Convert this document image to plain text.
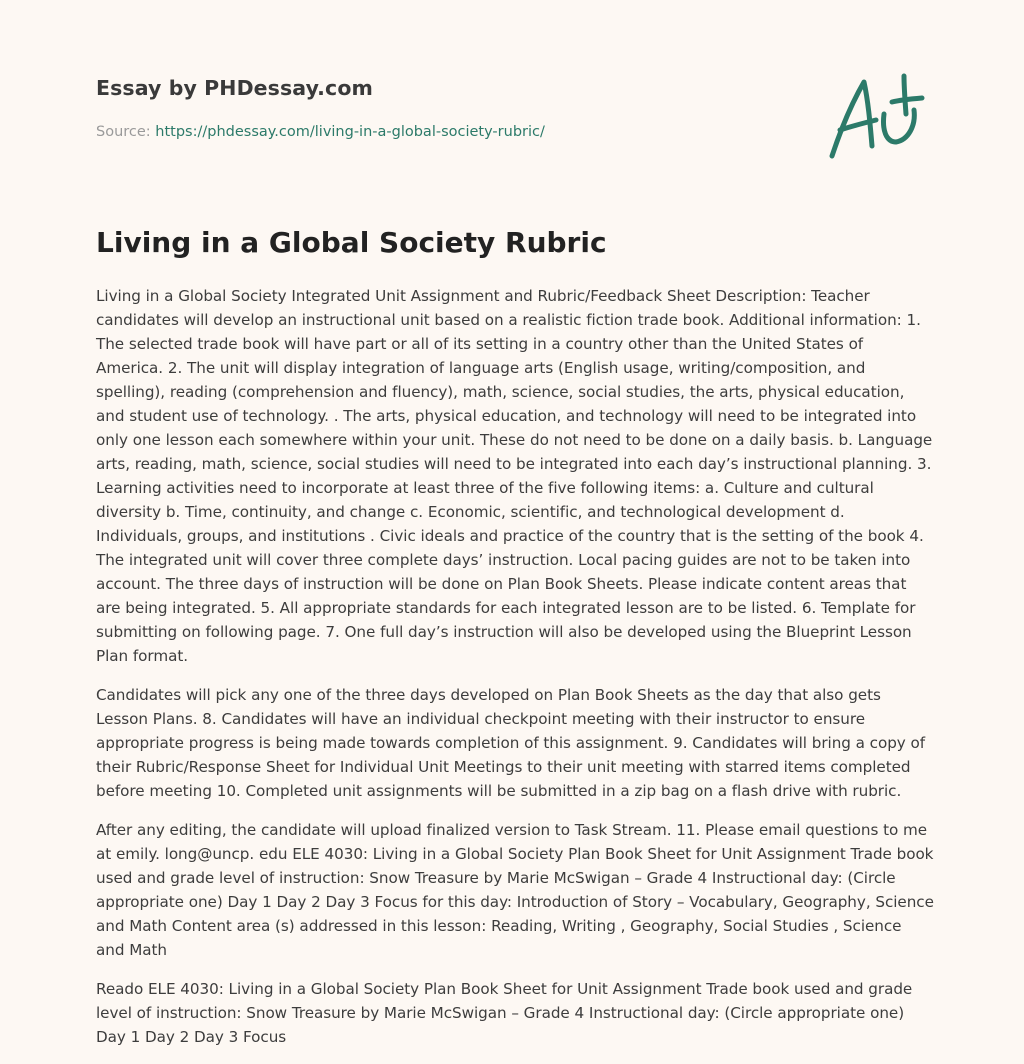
Essay by PHDessay.com
Source: https://phdessay.com/living-in-a-global-society-rubric/
Living in a Global Society Rubric

Living in a Global Society Integrated Unit Assignment and Rubric/Feedback Sheet Description: Teacher candidates will develop an instructional unit based on a realistic fiction trade book. Additional information: 1. The selected trade book will have part or all of its setting in a country other than the United States of America. 2. The unit will display integration of language arts (English usage, writing/composition, and spelling), reading (comprehension and fluency), math, science, social studies, the arts, physical education, and student use of technology. . The arts, physical education, and technology will need to be integrated into only one lesson each somewhere within your unit. These do not need to be done on a daily basis. b. Language arts, reading, math, science, social studies will need to be integrated into each day’s instructional planning. 3. Learning activities need to incorporate at least three of the five following items: a. Culture and cultural diversity b. Time, continuity, and change c. Economic, scientific, and technological development d. Individuals, groups, and institutions . Civic ideals and practice of the country that is the setting of the book 4. The integrated unit will cover three complete days’ instruction. Local pacing guides are not to be taken into account. The three days of instruction will be done on Plan Book Sheets. Please indicate content areas that are being integrated. 5. All appropriate standards for each integrated lesson are to be listed. 6. Template for submitting on following page. 7. One full day’s instruction will also be developed using the Blueprint Lesson Plan format.

Candidates will pick any one of the three days developed on Plan Book Sheets as the day that also gets Lesson Plans. 8. Candidates will have an individual checkpoint meeting with their instructor to ensure appropriate progress is being made towards completion of this assignment. 9. Candidates will bring a copy of their Rubric/Response Sheet for Individual Unit Meetings to their unit meeting with starred items completed before meeting 10. Completed unit assignments will be submitted in a zip bag on a flash drive with rubric.

After any editing, the candidate will upload finalized version to Task Stream. 11. Please email questions to me at emily. long@uncp. edu ELE 4030: Living in a Global Society Plan Book Sheet for Unit Assignment Trade book used and grade level of instruction: Snow Treasure by Marie McSwigan – Grade 4 Instructional day: (Circle appropriate one) Day 1 Day 2 Day 3 Focus for this day: Introduction of Story – Vocabulary, Geography, Science and Math Content area (s) addressed in this lesson: Reading, Writing , Geography, Social Studies , Science and Math

Reado ELE 4030: Living in a Global Society Plan Book Sheet for Unit Assignment Trade book used and grade level of instruction: Snow Treasure by Marie McSwigan – Grade 4 Instructional day: (Circle appropriate one) Day 1 Day 2 Day 3 Focus
